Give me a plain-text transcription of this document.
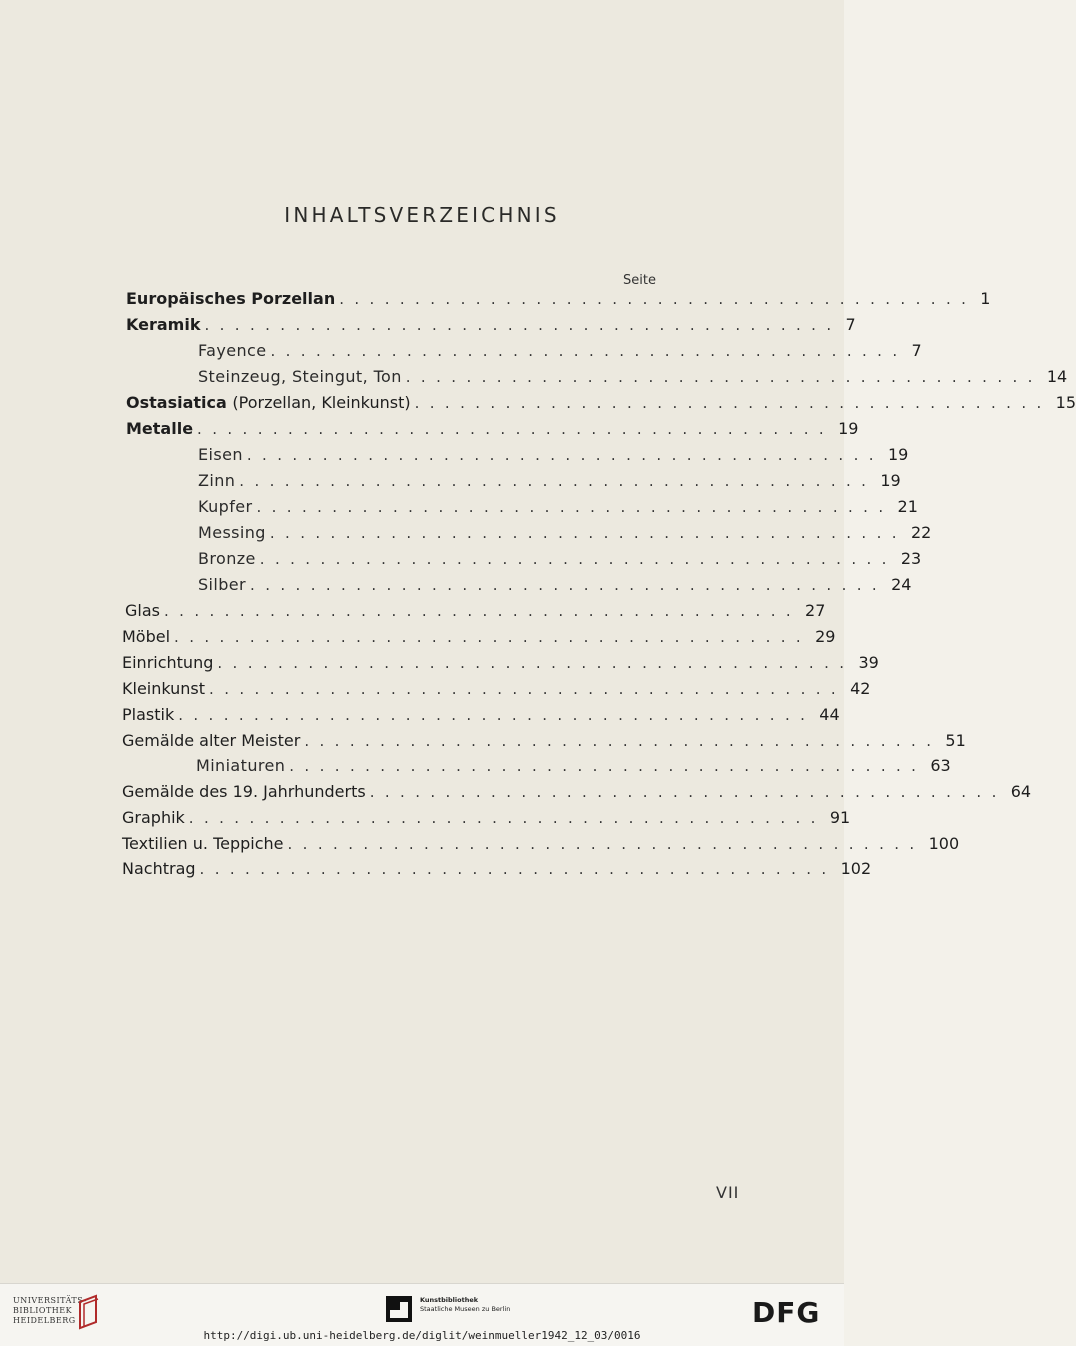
INHALTSVERZEICHNIS
Seite
Europäisches Porzellan .......................................... 1
Keramik .......................................... 7
Fayence .......................................... 7
Steinzeug, Steingut, Ton .......................................... 14
Ostasiatica (Porzellan, Kleinkunst) .......................................... 15
Metalle .......................................... 19
Eisen .......................................... 19
Zinn .......................................... 19
Kupfer .......................................... 21
Messing .......................................... 22
Bronze .......................................... 23
Silber .......................................... 24
Glas .......................................... 27
Möbel .......................................... 29
Einrichtung .......................................... 39
Kleinkunst .......................................... 42
Plastik .......................................... 44
Gemälde alter Meister .......................................... 51
Miniaturen .......................................... 63
Gemälde des 19. Jahrhunderts .......................................... 64
Graphik .......................................... 91
Textilien u. Teppiche .......................................... 100
Nachtrag .......................................... 102
VII
UNIVERSITÄTS-
BIBLIOTHEK
HEIDELBERG
Kunstbibliothek
Staatliche Museen zu Berlin	DFG
http://digi.ub.uni-heidelberg.de/diglit/weinmueller1942_12_03/0016
